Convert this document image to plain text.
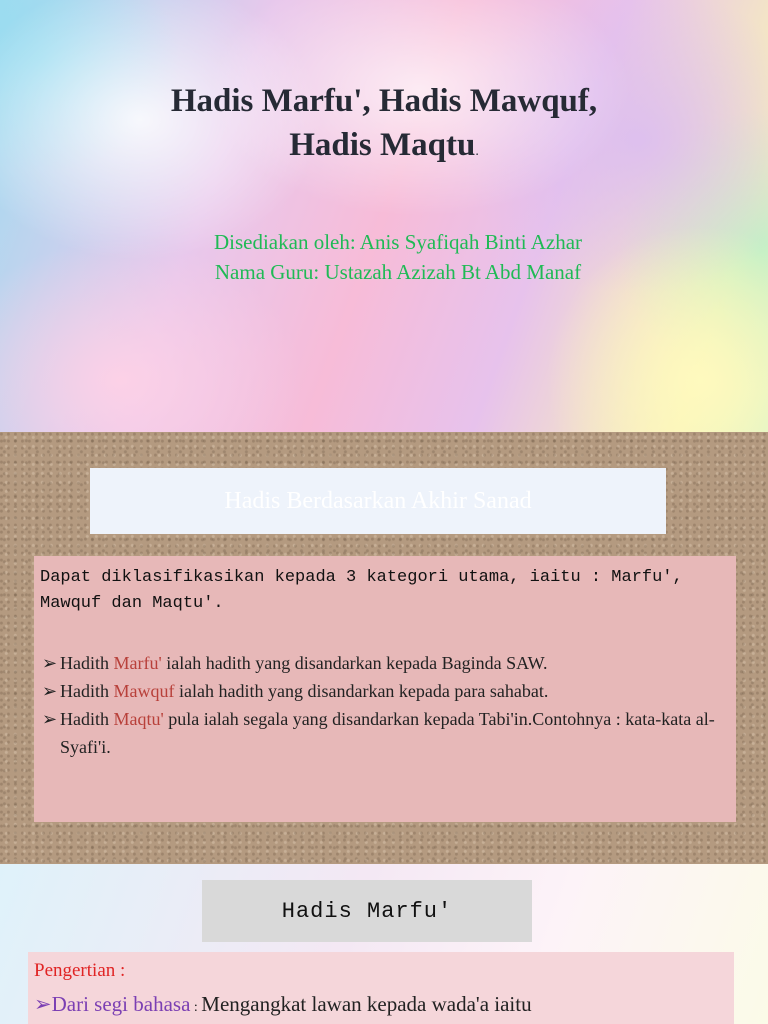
Hadis Marfu', Hadis Mawquf,
Hadis Maqtu.
Disediakan oleh: Anis Syafiqah Binti Azhar
Nama Guru: Ustazah Azizah Bt Abd Manaf
Hadis Berdasarkan Akhir Sanad
Dapat diklasifikasikan kepada 3 kategori utama, iaitu : Marfu', Mawquf dan Maqtu'.
➢ Hadith Marfu' ialah hadith yang disandarkan kepada Baginda SAW.
➢ Hadith Mawquf ialah hadith yang disandarkan kepada para sahabat.
➢ Hadith Maqtu' pula ialah segala yang disandarkan kepada Tabi'in.Contohnya : kata-kata al-Syafi'i.
Hadis Marfu'
Pengertian :
➢Dari segi bahasa : Mengangkat lawan kepada wada'a iaitu
